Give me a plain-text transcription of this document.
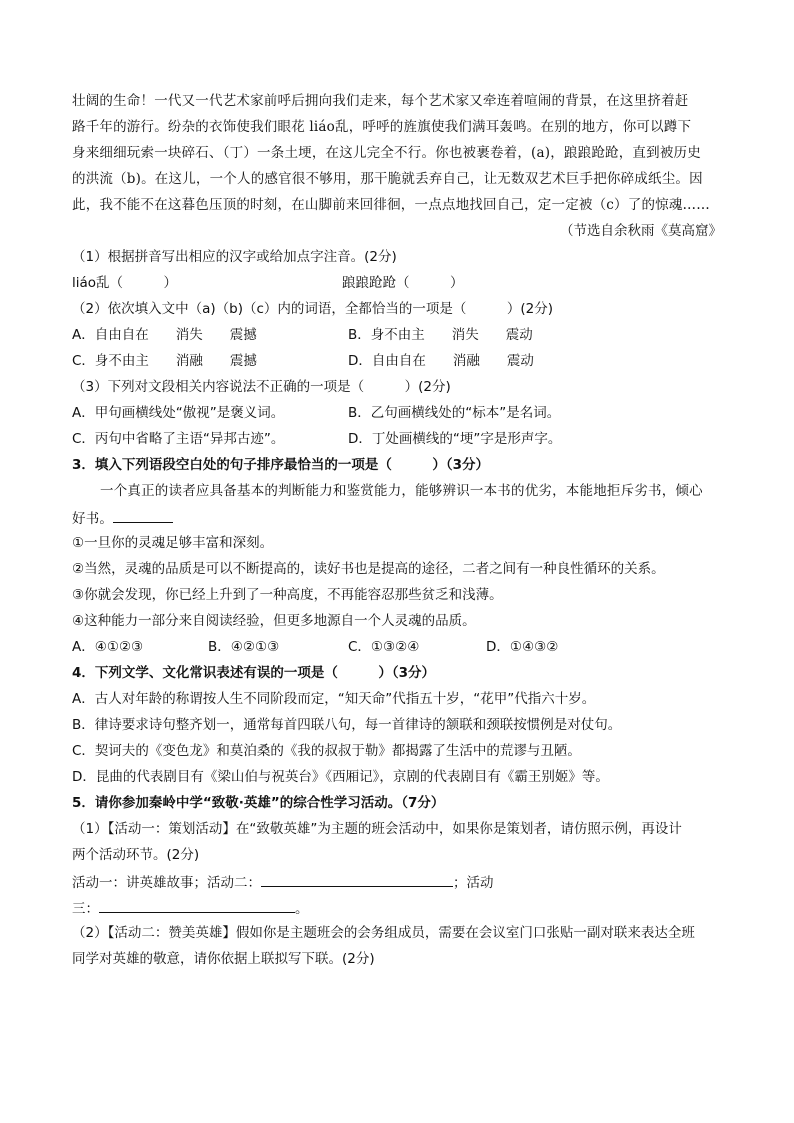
壮阔的生命！一代又一代艺术家前呼后拥向我们走来，每个艺术家又牵连着喧闹的背景，在这里挤着赶
路千年的游行。纷杂的衣饰使我们眼花 liáo乱，呼呼的旌旗使我们满耳轰鸣。在别的地方，你可以蹲下
身来细细玩索一块碎石、（丁）一条土埂，在这儿完全不行。你也被裹卷着，(a)，踉踉跄跄，直到被历史
的洪流（b)。在这儿，一个人的感官很不够用，那干脆就丢弃自己，让无数双艺术巨手把你碎成纸尘。因
此，我不能不在这暮色压顶的时刻，在山脚前来回徘徊，一点点地找回自己，定一定被（c）了的惊魂……
（节选自余秋雨《莫高窟》
（1）根据拼音写出相应的汉字或给加点字注音。(2分)
liáo乱（　　　）	踉踉跄跄（　　　）
（2）依次填入文中（a)（b)（c）内的词语，全都恰当的一项是（　　　）(2分)
A．自由自在　　消失　　震撼	B．身不由主　　消失　　震动
C．身不由主　　消融　　震撼	D．自由自在　　消融　　震动
（3）下列对文段相关内容说法不正确的一项是（　　　）(2分)
A．甲句画横线处“傲视”是褒义词。	B．乙句画横线处的“标本”是名词。
C．丙句中省略了主语“异邦古迹”。	D．丁处画横线的“埂”字是形声字。
3．填入下列语段空白处的句子排序最恰当的一项是（　　　）（3分）
一个真正的读者应具备基本的判断能力和鉴赏能力，能够辨识一本书的优劣，本能地拒斥劣书，倾心
好书。
①一旦你的灵魂足够丰富和深刻。
②当然，灵魂的品质是可以不断提高的，读好书也是提高的途径，二者之间有一种良性循环的关系。
③你就会发现，你已经上升到了一种高度，不再能容忍那些贫乏和浅薄。
④这种能力一部分来自阅读经验，但更多地源自一个人灵魂的品质。
A．④①②③	B．④②①③	C．①③②④	D．①④③②
4．下列文学、文化常识表述有误的一项是（　　　）（3分）
A．古人对年龄的称谓按人生不同阶段而定，“知天命”代指五十岁，“花甲”代指六十岁。
B．律诗要求诗句整齐划一，通常每首四联八句，每一首律诗的颔联和颈联按惯例是对仗句。
C．契诃夫的《变色龙》和莫泊桑的《我的叔叔于勒》都揭露了生活中的荒谬与丑陋。
D．昆曲的代表剧目有《梁山伯与祝英台》《西厢记》，京剧的代表剧目有《霸王别姬》等。
5．请你参加秦岭中学“致敬·英雄”的综合性学习活动。（7分）
（1）【活动一：策划活动】在“致敬英雄”为主题的班会活动中，如果你是策划者，请仿照示例，再设计
两个活动环节。(2分)
活动一：讲英雄故事；活动二：	；活动
三：	。
（2）【活动二：赞美英雄】假如你是主题班会的会务组成员，需要在会议室门口张贴一副对联来表达全班
同学对英雄的敬意，请你依据上联拟写下联。(2分)
